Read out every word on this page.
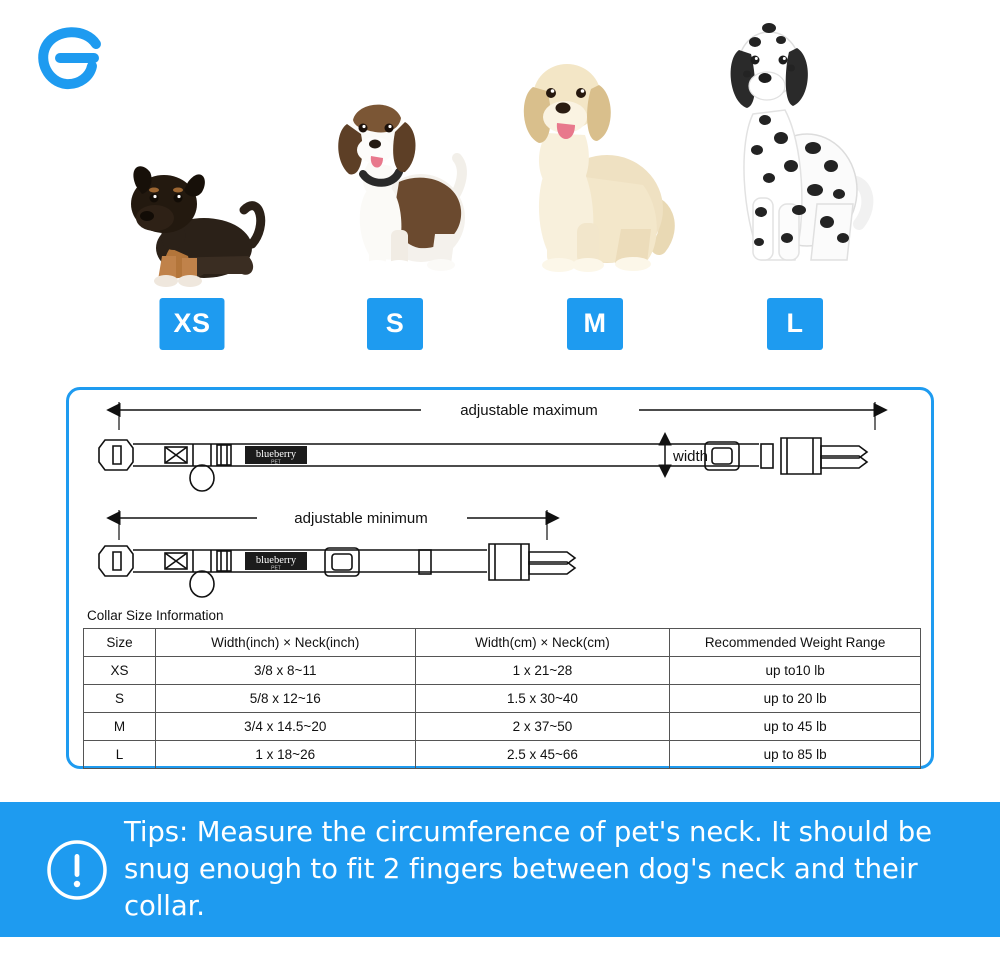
XS	S	M	L
adjustable maximum
blueberry
PET	width
adjustable minimum
blueberry
PET
Collar Size Information
Size	Width(inch) × Neck(inch)	Width(cm) × Neck(cm)	Recommended Weight Range
XS	3/8 x 8~11	1 x 21~28	up to10 lb
S	5/8 x 12~16	1.5 x 30~40	up to 20 lb
M	3/4 x 14.5~20	2 x 37~50	up to 45 lb
L	1 x 18~26	2.5 x 45~66	up to 85 lb
Tips: Measure the circumference of pet's neck. It should be snug enough to fit 2 fingers between dog's neck and their collar.
